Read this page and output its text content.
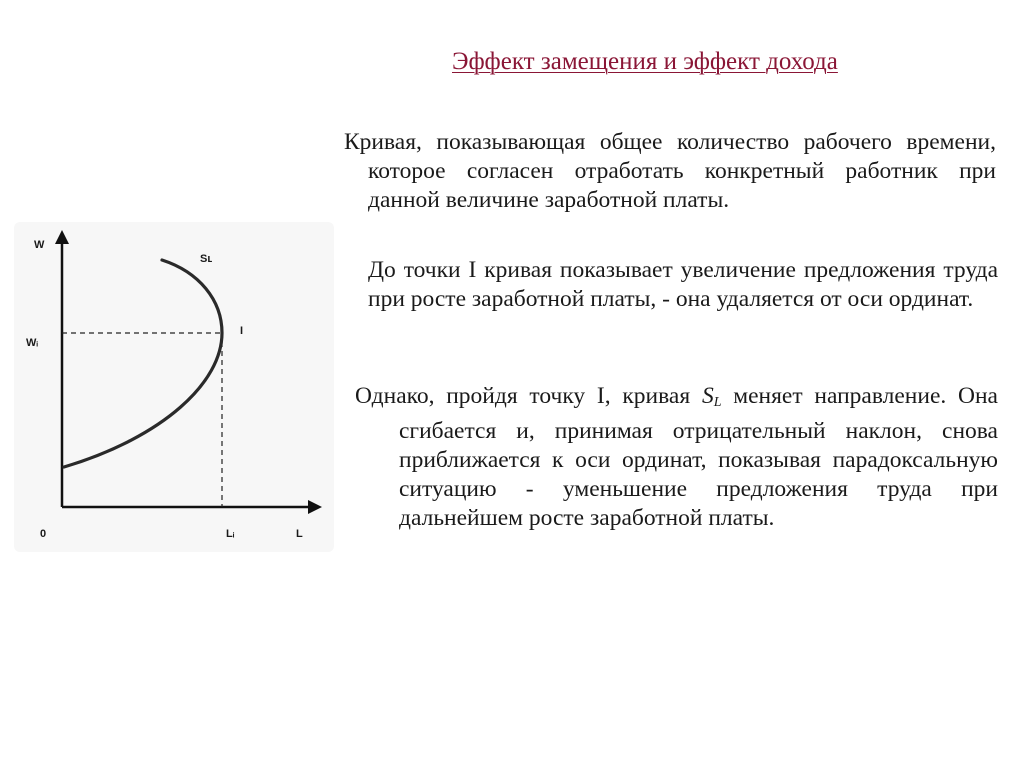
Эффект замещения и эффект дохода
W
Wᵢ
0	Lᵢ	L
I
Sʟ

Кривая, показывающая общее количество рабочего времени, которое согласен отработать конкретный работник при данной величине заработной платы.

До точки I кривая показывает увеличение предложения труда при росте заработной платы, - она удаляется от оси ординат.

Однако, пройдя точку I, кривая $S_L$ меняет направление. Она сгибается и, принимая отрицательный наклон, снова приближается к оси ординат, показывая парадоксальную ситуацию - уменьшение предложения труда при дальнейшем росте заработной платы.
